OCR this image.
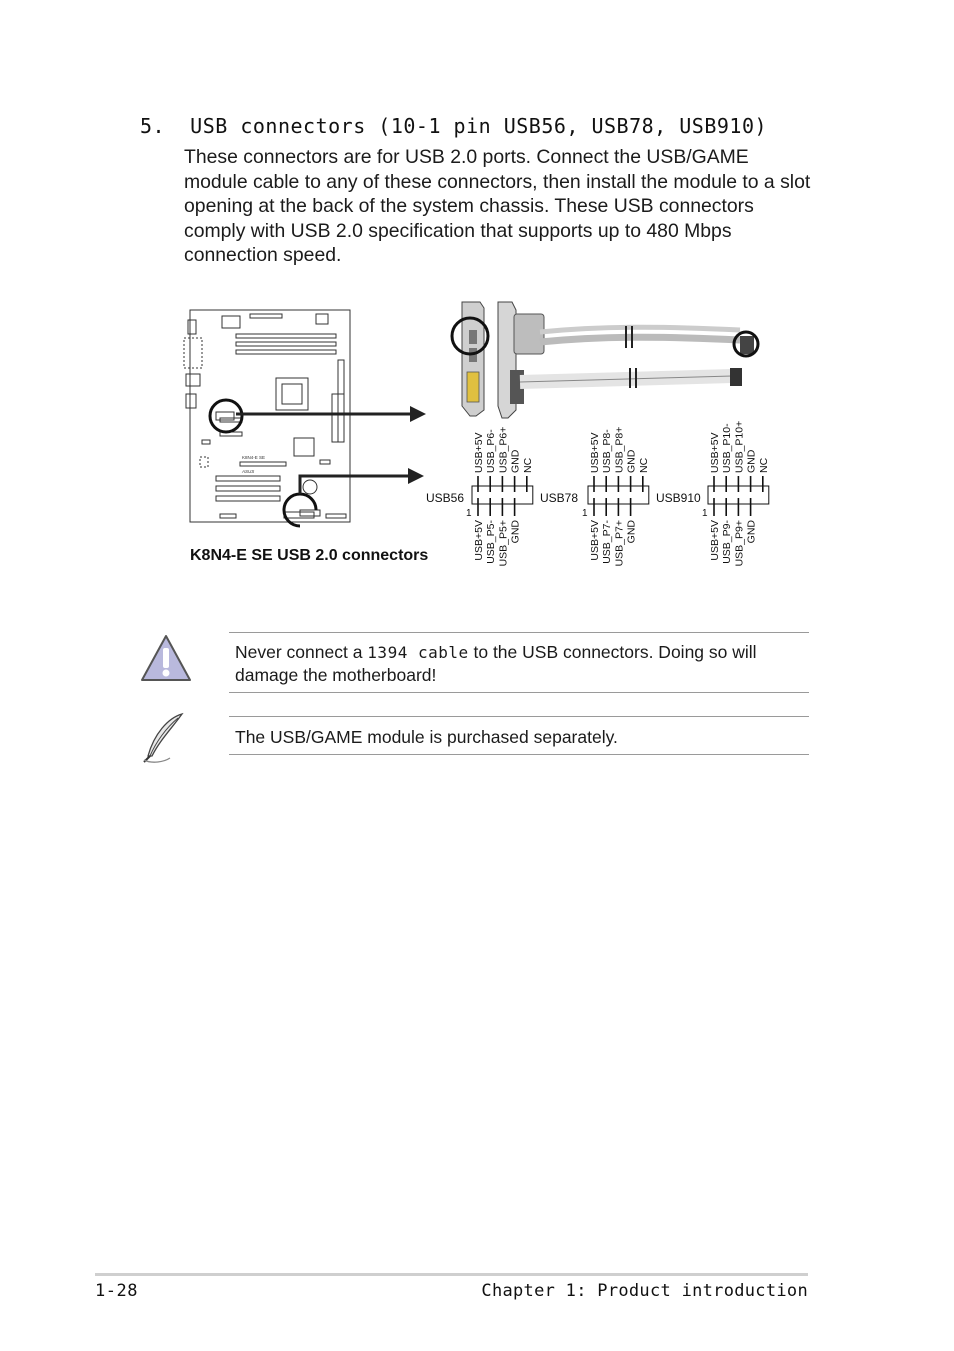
5.  USB connectors (10-1 pin USB56, USB78, USB910)
These connectors are for USB 2.0 ports. Connect the USB/GAME module cable to any of these connectors, then install the module to a slot opening at the back of the system chassis. These USB connectors comply with USB 2.0 specification that supports up to 480 Mbps connection speed.
K8N4-E SE
ASUS
USB56
1
USB+5V USB_P6- USB_P6+ GND NC
USB+5V USB_P5- USB_P5+ GND
USB78
1
USB+5V USB_P8- USB_P8+ GND NC
USB+5V USB_P7- USB_P7+ GND
USB910
1
USB+5V USB_P10- USB_P10+ GND NC
USB+5V USB_P9- USB_P9+ GND
K8N4-E SE USB 2.0 connectors
Never connect a 1394 cable to the USB connectors. Doing so will damage the motherboard!
The USB/GAME module is purchased separately.
1-28	Chapter 1: Product introduction
